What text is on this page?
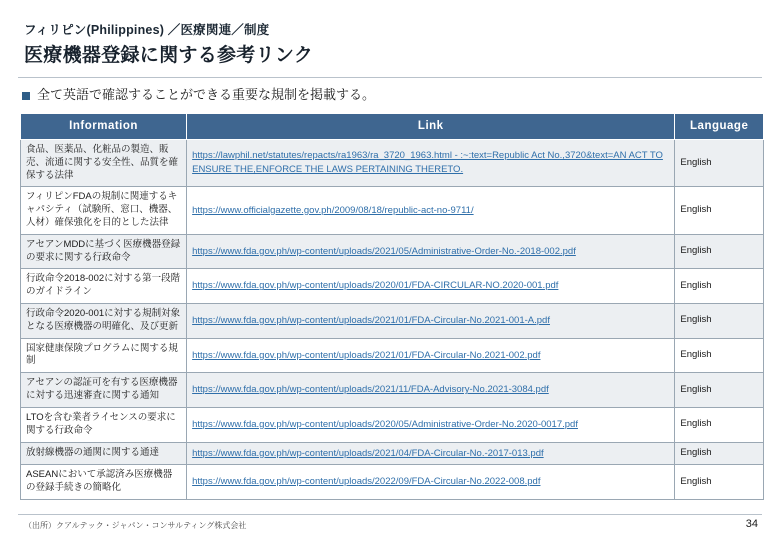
フィリピン(Philippines) ／医療関連／制度
医療機器登録に関する参考リンク
全て英語で確認することができる重要な規制を掲載する。
Information	Link	Language
食品、医薬品、化粧品の製造、販売、流通に関する安全性、品質を確保する法律	https://lawphil.net/statutes/repacts/ra1963/ra_3720_1963.html - :~:text=Republic Act No.,3720&text=AN ACT TO ENSURE THE,ENFORCE THE LAWS PERTAINING THERETO.	English
フィリピンFDAの規制に関連するキャパシティ（試験所、窓口、機器、人材）確保強化を目的とした法律	https://www.officialgazette.gov.ph/2009/08/18/republic-act-no-9711/	English
アセアンMDDに基づく医療機器登録の要求に関する行政命令	https://www.fda.gov.ph/wp-content/uploads/2021/05/Administrative-Order-No.-2018-002.pdf	English
行政命令2018-002に対する第一段階のガイドライン	https://www.fda.gov.ph/wp-content/uploads/2020/01/FDA-CIRCULAR-NO.2020-001.pdf	English
行政命令2020-001に対する規制対象となる医療機器の明確化、及び更新	https://www.fda.gov.ph/wp-content/uploads/2021/01/FDA-Circular-No.2021-001-A.pdf	English
国家健康保険プログラムに関する規制	https://www.fda.gov.ph/wp-content/uploads/2021/01/FDA-Circular-No.2021-002.pdf	English
アセアンの認証可を有する医療機器に対する迅速審査に関する通知	https://www.fda.gov.ph/wp-content/uploads/2021/11/FDA-Advisory-No.2021-3084.pdf	English
LTOを含む業者ライセンスの要求に関する行政命令	https://www.fda.gov.ph/wp-content/uploads/2020/05/Administrative-Order-No.2020-0017.pdf	English
放射線機器の通関に関する通達	https://www.fda.gov.ph/wp-content/uploads/2021/04/FDA-Circular-No.-2017-013.pdf	English
ASEANにおいて承認済み医療機器の登録手続きの簡略化	https://www.fda.gov.ph/wp-content/uploads/2022/09/FDA-Circular-No.2022-008.pdf	English
（出所）クアルテック・ジャパン・コンサルティング株式会社	34
